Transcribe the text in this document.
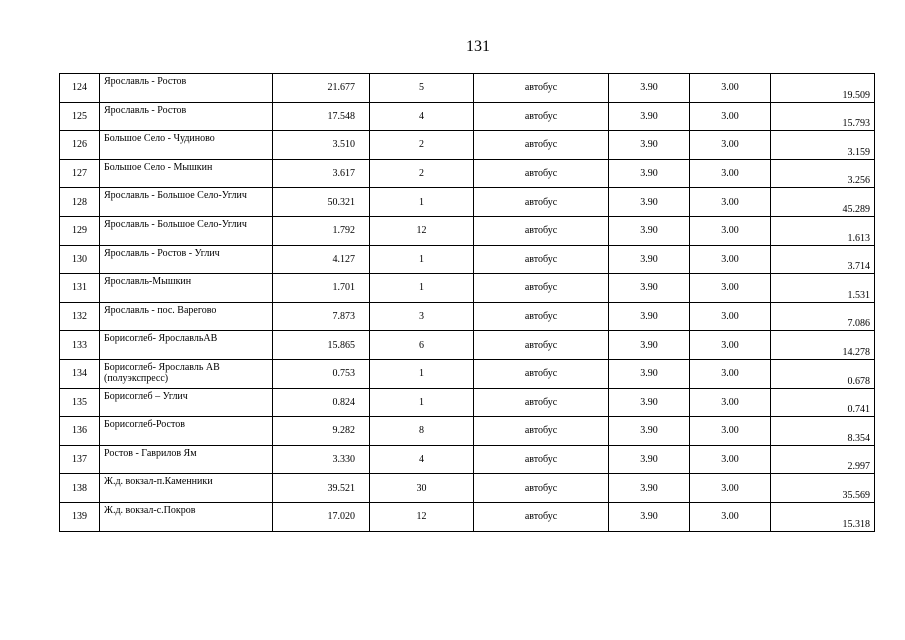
131
124	Ярославль - Ростов	21.677	5	автобус	3.90	3.00	19.509
125	Ярославль - Ростов	17.548	4	автобус	3.90	3.00	15.793
126	Большое Село - Чудиново	3.510	2	автобус	3.90	3.00	3.159
127	Большое Село - Мышкин	3.617	2	автобус	3.90	3.00	3.256
128	Ярославль - Большое Село-Углич	50.321	1	автобус	3.90	3.00	45.289
129	Ярославль - Большое Село-Углич	1.792	12	автобус	3.90	3.00	1.613
130	Ярославль - Ростов - Углич	4.127	1	автобус	3.90	3.00	3.714
131	Ярославль-Мышкин	1.701	1	автобус	3.90	3.00	1.531
132	Ярославль - пос. Варегово	7.873	3	автобус	3.90	3.00	7.086
133	Борисоглеб- ЯрославльАВ	15.865	6	автобус	3.90	3.00	14.278
134	Борисоглеб- Ярославль АВ (полуэкспресс)	0.753	1	автобус	3.90	3.00	0.678
135	Борисоглеб – Углич	0.824	1	автобус	3.90	3.00	0.741
136	Борисоглеб-Ростов	9.282	8	автобус	3.90	3.00	8.354
137	Ростов - Гаврилов Ям	3.330	4	автобус	3.90	3.00	2.997
138	Ж.д. вокзал-п.Каменники	39.521	30	автобус	3.90	3.00	35.569
139	Ж.д. вокзал-с.Покров	17.020	12	автобус	3.90	3.00	15.318
